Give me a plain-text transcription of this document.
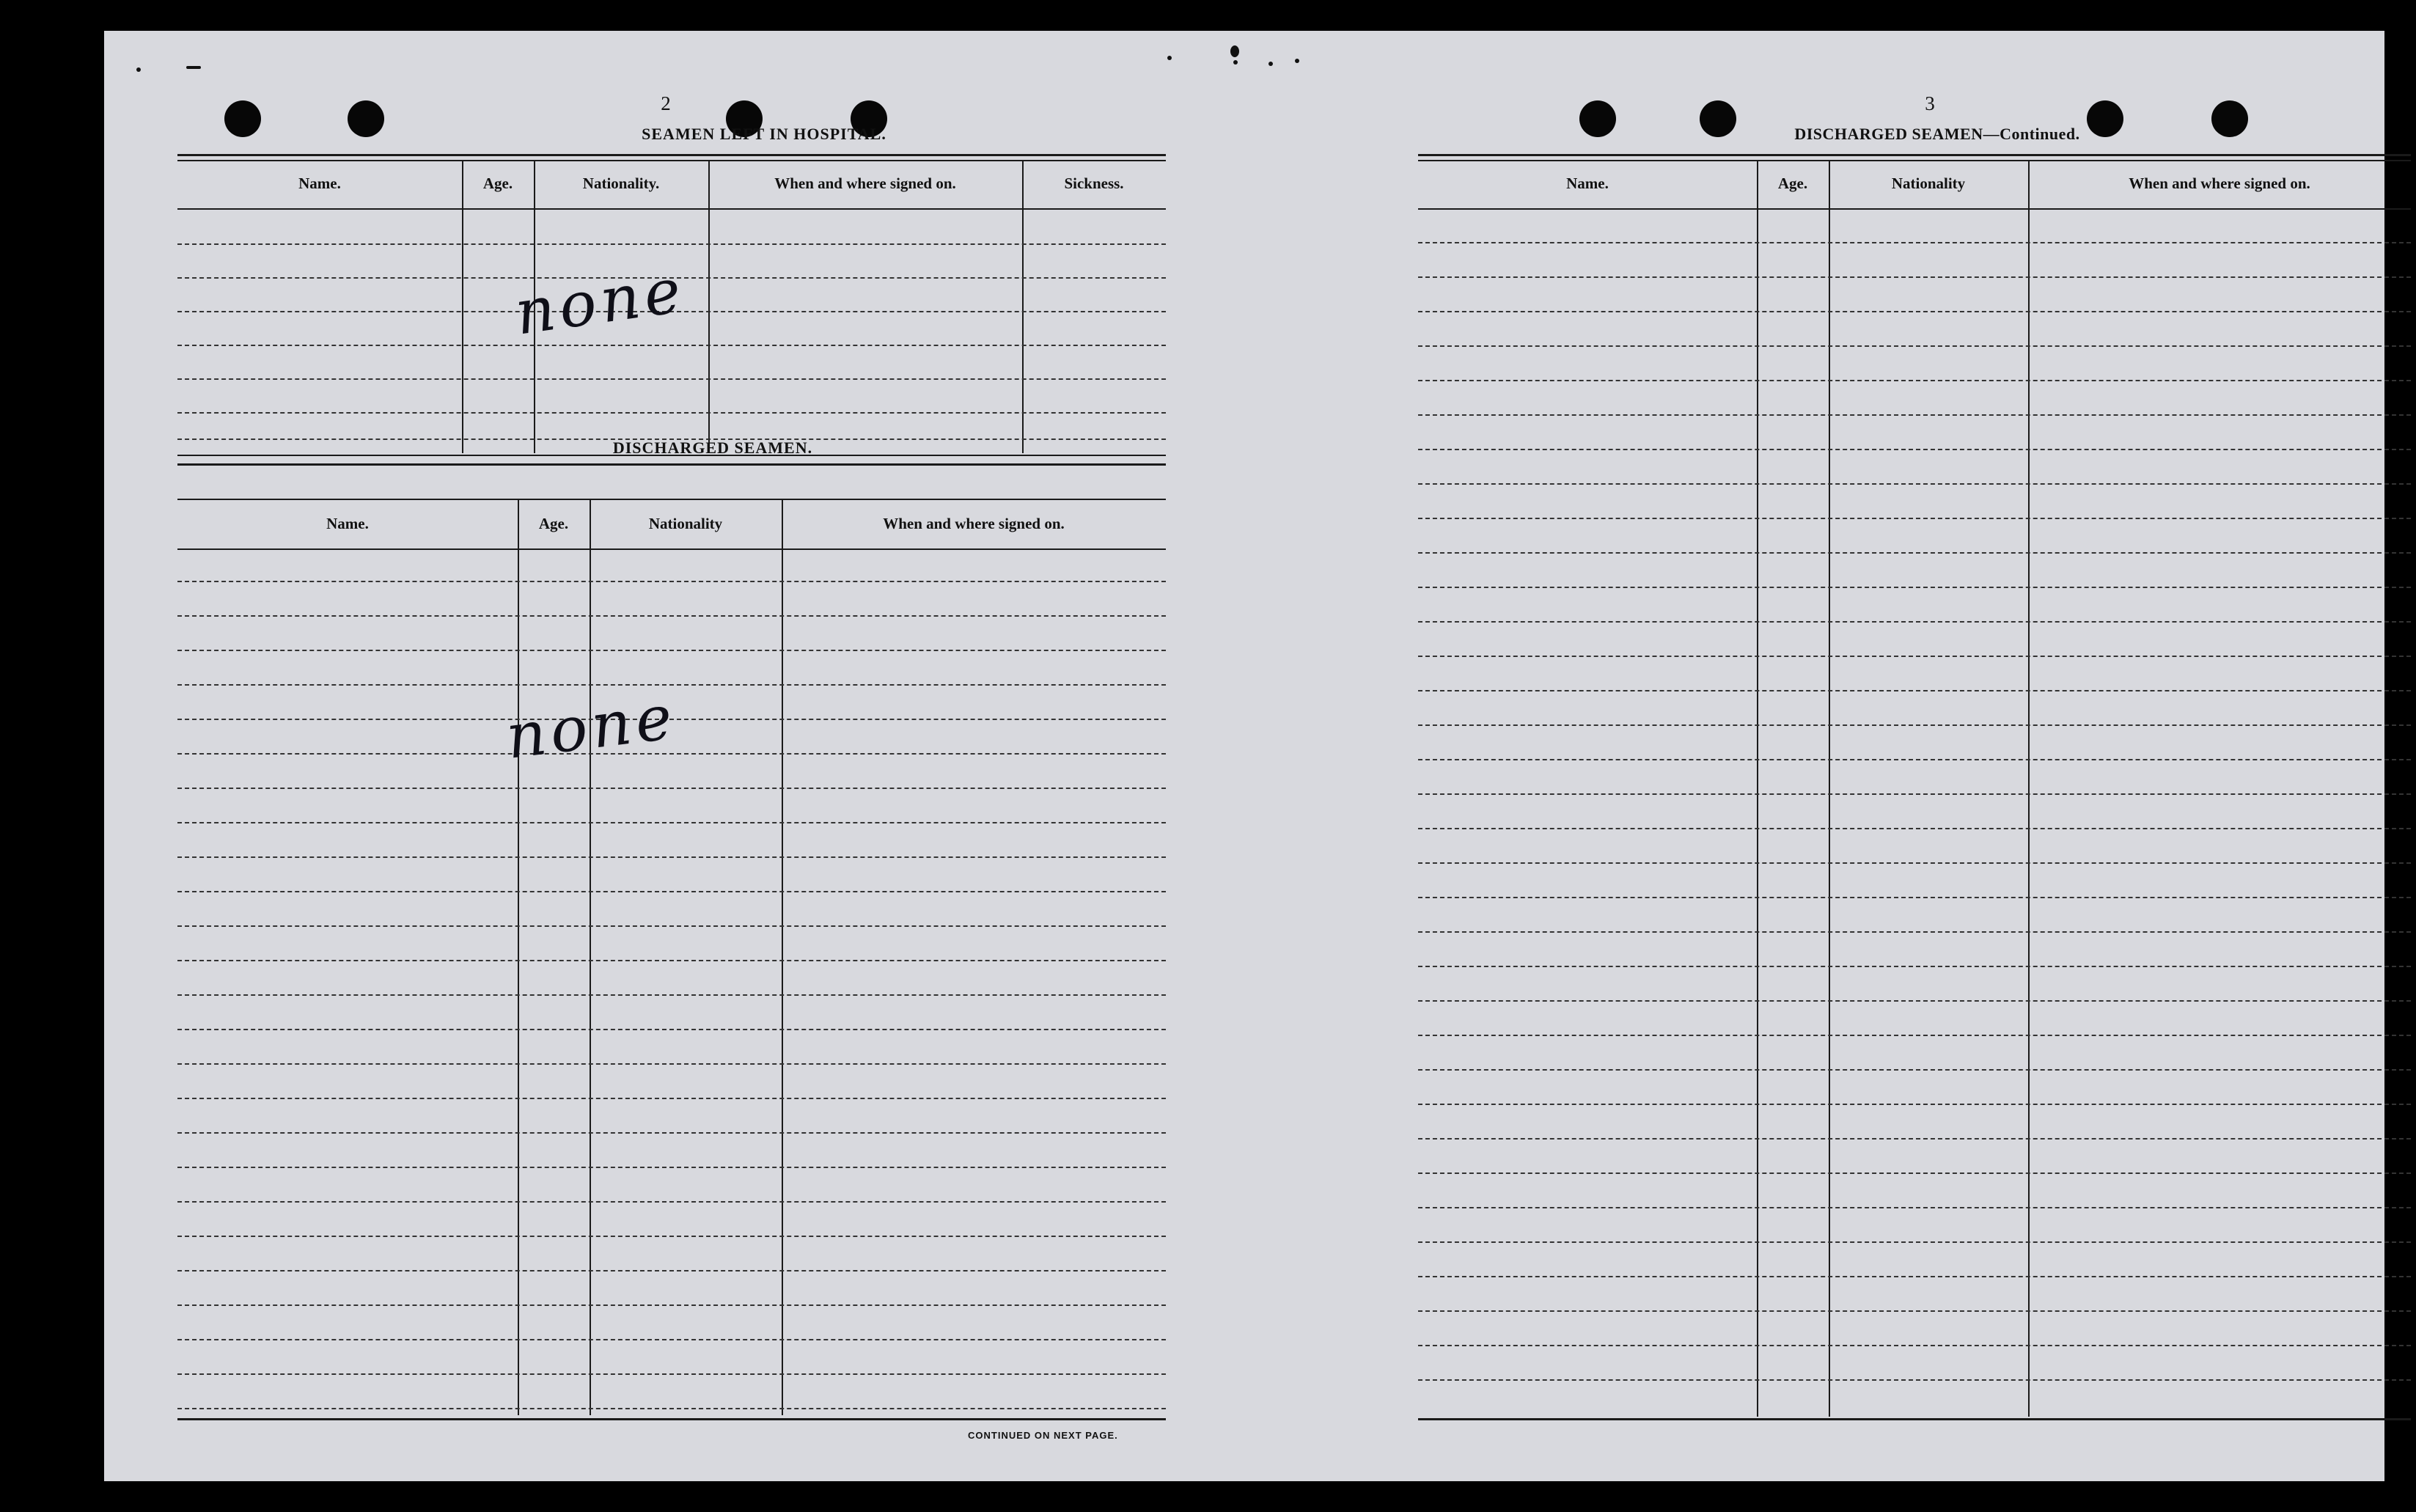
2
SEAMEN LEFT IN HOSPITAL.
Name.	Age.	Nationality.	When and where signed on.	Sickness.
none
DISCHARGED SEAMEN.
Name.	Age.	Nationality	When and where signed on.
none
CONTINUED ON NEXT PAGE.
3
DISCHARGED SEAMEN—Continued.
Name.	Age.	Nationality	When and where signed on.
